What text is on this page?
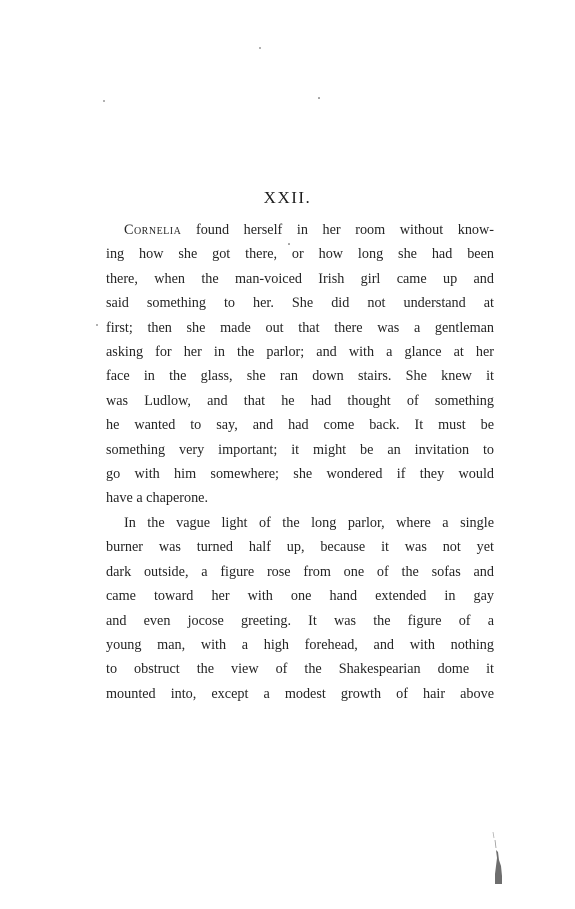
XXII.
Cornelia found herself in her room without know-
ing how she got there, or how long she had been
there, when the man-voiced Irish girl came up and
said something to her. She did not understand at
first; then she made out that there was a gentleman
asking for her in the parlor; and with a glance at her
face in the glass, she ran down stairs. She knew it
was Ludlow, and that he had thought of something
he wanted to say, and had come back. It must be
something very important; it might be an invitation to
go with him somewhere; she wondered if they would
have a chaperone.
In the vague light of the long parlor, where a single
burner was turned half up, because it was not yet
dark outside, a figure rose from one of the sofas and
came toward her with one hand extended in gay
and even jocose greeting. It was the figure of a
young man, with a high forehead, and with nothing
to obstruct the view of the Shakespearian dome it
mounted into, except a modest growth of hair above
